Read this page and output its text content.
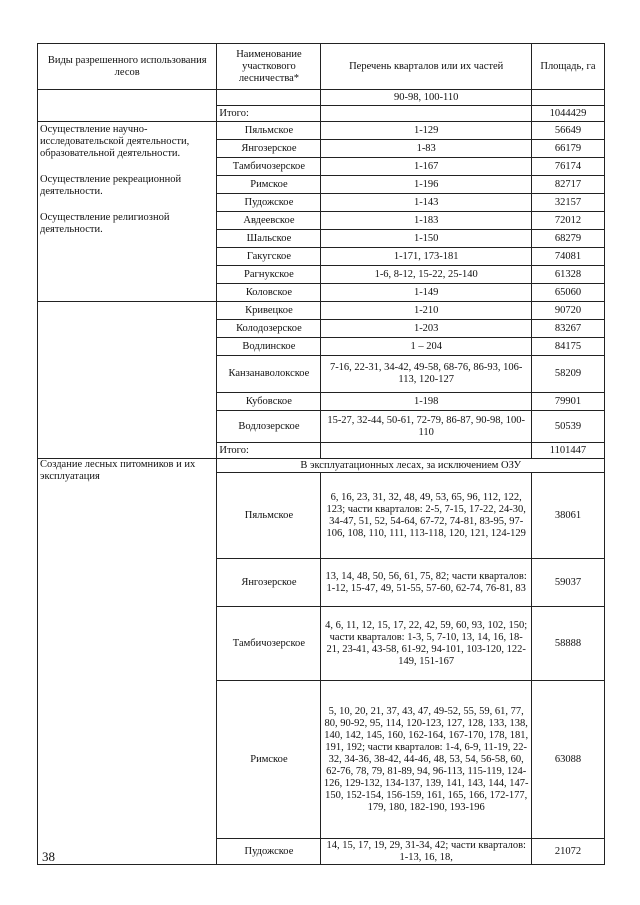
Виды разрешенного использования лесов	Наименование участкового лесничества*	Перечень кварталов или их частей	Площадь, га
		90-98, 100-110	
	Итого:		1044429

Осуществление научно-исследовательской деятельности, образовательной деятельности.
Осуществление рекреационной деятельности.
Осуществление религиозной деятельности.	Пяльмское	1-129	56649
	Янгозерское	1-83	66179
	Тамбичозерское	1-167	76174
	Римское	1-196	82717
	Пудожское	1-143	32157
	Авдеевское	1-183	72012
	Шальское	1-150	68279
	Гакугское	1-171, 173-181	74081
	Рагнукское	1-6, 8-12, 15-22, 25-140	61328
	Коловское	1-149	65060
	Кривецкое	1-210	90720
	Колодозерское	1-203	83267
	Водлинское	1 – 204	84175
	Канзанаволокское	7-16, 22-31, 34-42, 49-58, 68-76, 86-93, 106-113, 120-127	58209
	Кубовское	1-198	79901
	Водлозерское	15-27, 32-44, 50-61, 72-79, 86-87, 90-98, 100-110	50539
	Итого:		1101447

Создание лесных питомников и их эксплуатация	В эксплуатационных лесах, за исключением ОЗУ		
	Пяльмское	6, 16, 23, 31, 32, 48, 49, 53, 65, 96, 112, 122, 123; части кварталов: 2-5, 7-15, 17-22, 24-30, 34-47, 51, 52, 54-64, 67-72, 74-81, 83-95, 97-106, 108, 110, 111, 113-118, 120, 121, 124-129	38061
	Янгозерское	13, 14, 48, 50, 56, 61, 75, 82; части кварталов: 1-12, 15-47, 49, 51-55, 57-60, 62-74, 76-81, 83	59037
	Тамбичозерское	4, 6, 11, 12, 15, 17, 22, 42, 59, 60, 93, 102, 150; части кварталов: 1-3, 5, 7-10, 13, 14, 16, 18-21, 23-41, 43-58, 61-92, 94-101, 103-120, 122-149, 151-167	58888
	Римское	5, 10, 20, 21, 37, 43, 47, 49-52, 55, 59, 61, 77, 80, 90-92, 95, 114, 120-123, 127, 128, 133, 138, 140, 142, 145, 160, 162-164, 167-170, 178, 181, 191, 192; части кварталов: 1-4, 6-9, 11-19, 22-32, 34-36, 38-42, 44-46, 48, 53, 54, 56-58, 60, 62-76, 78, 79, 81-89, 94, 96-113, 115-119, 124-126, 129-132, 134-137, 139, 141, 143, 144, 147-150, 152-154, 156-159, 161, 165, 166, 172-177, 179, 180, 182-190, 193-196	63088
	Пудожское	14, 15, 17, 19, 29, 31-34, 42; части кварталов: 1-13, 16, 18,	21072
38
